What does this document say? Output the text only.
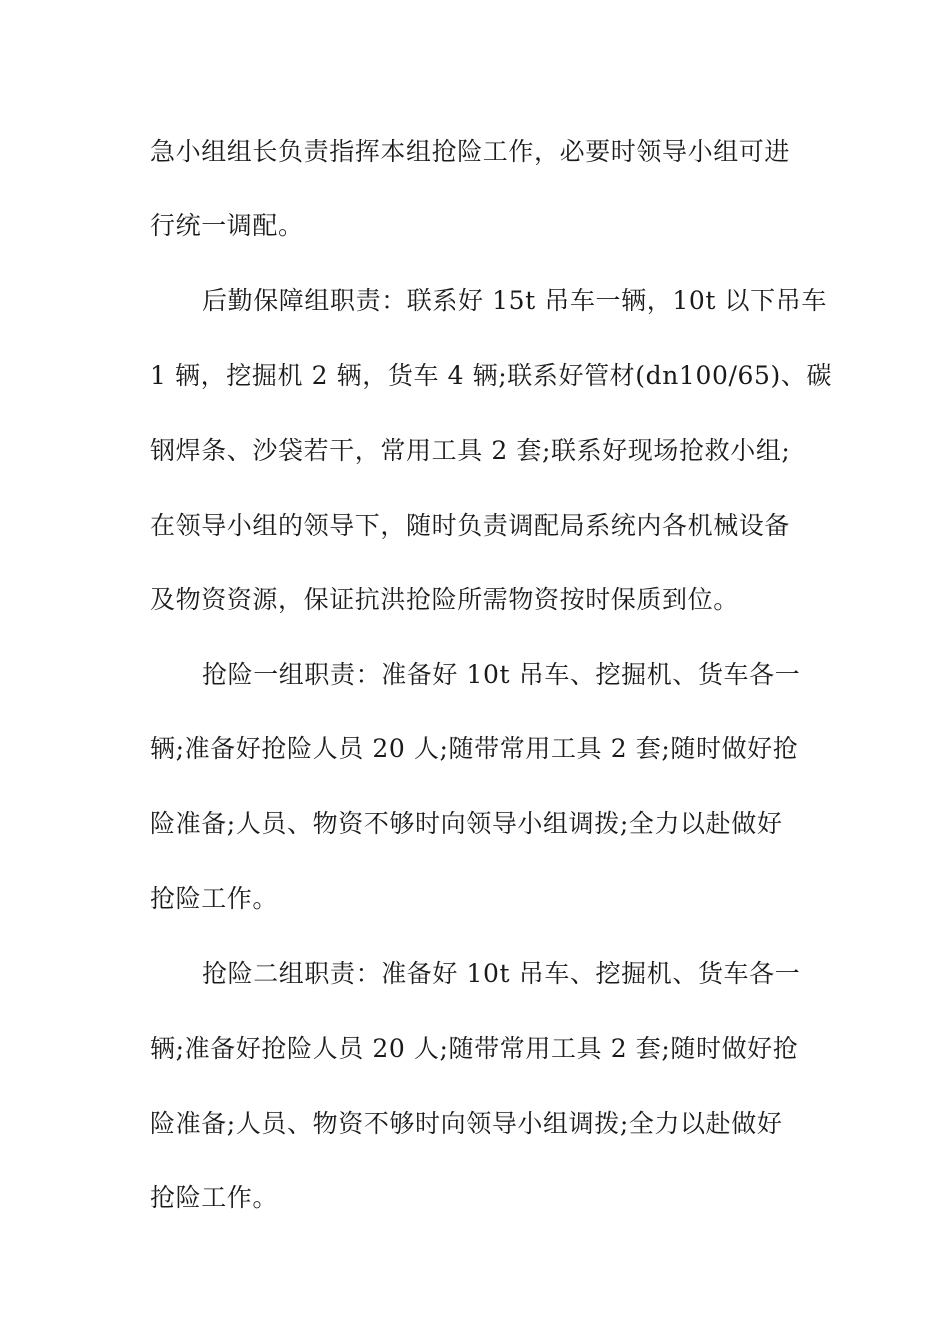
急小组组长负责指挥本组抢险工作，必要时领导小组可进
行统一调配。
后勤保障组职责：联系好 15t 吊车一辆，10t 以下吊车
1 辆，挖掘机 2 辆，货车 4 辆;联系好管材(dn100/65)、碳
钢焊条、沙袋若干，常用工具 2 套;联系好现场抢救小组;
在领导小组的领导下，随时负责调配局系统内各机械设备
及物资资源，保证抗洪抢险所需物资按时保质到位。
抢险一组职责：准备好 10t 吊车、挖掘机、货车各一
辆;准备好抢险人员 20 人;随带常用工具 2 套;随时做好抢
险准备;人员、物资不够时向领导小组调拨;全力以赴做好
抢险工作。
抢险二组职责：准备好 10t 吊车、挖掘机、货车各一
辆;准备好抢险人员 20 人;随带常用工具 2 套;随时做好抢
险准备;人员、物资不够时向领导小组调拨;全力以赴做好
抢险工作。
